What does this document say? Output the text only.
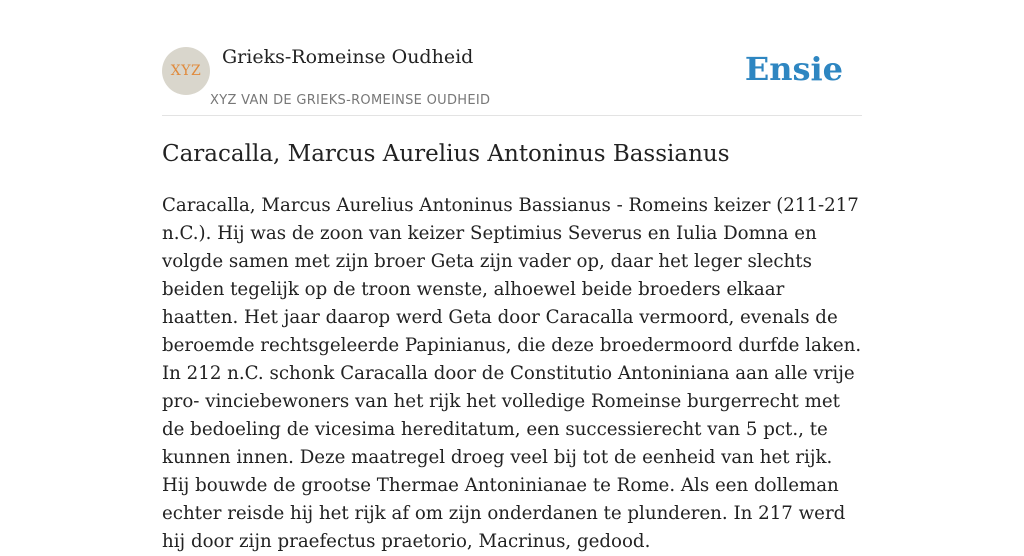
XYZ
Grieks-Romeinse Oudheid
XYZ VAN DE GRIEKS-ROMEINSE OUDHEID
Ensie
Caracalla, Marcus Aurelius Antoninus Bassianus

Caracalla, Marcus Aurelius Antoninus Bassianus - Romeins keizer (211-217 n.C.). Hij was de zoon van keizer Septimius Severus en Iulia Domna en volgde samen met zijn broer Geta zijn vader op, daar het leger slechts beiden tegelijk op de troon wenste, alhoewel beide broeders elkaar haatten. Het jaar daarop werd Geta door Caracalla vermoord, evenals de beroemde rechtsgeleerde Papinianus, die deze broedermoord durfde laken. In 212 n.C. schonk Caracalla door de Constitutio Antoniniana aan alle vrije pro- vinciebewoners van het rijk het volledige Romeinse burgerrecht met de bedoeling de vicesima hereditatum, een successierecht van 5 pct., te kunnen innen. Deze maatregel droeg veel bij tot de eenheid van het rijk. Hij bouwde de grootse Thermae Antoninianae te Rome. Als een dolleman echter reisde hij het rijk af om zijn onderdanen te plunderen. In 217 werd hij door zijn praefectus praetorio, Macrinus, gedood.
